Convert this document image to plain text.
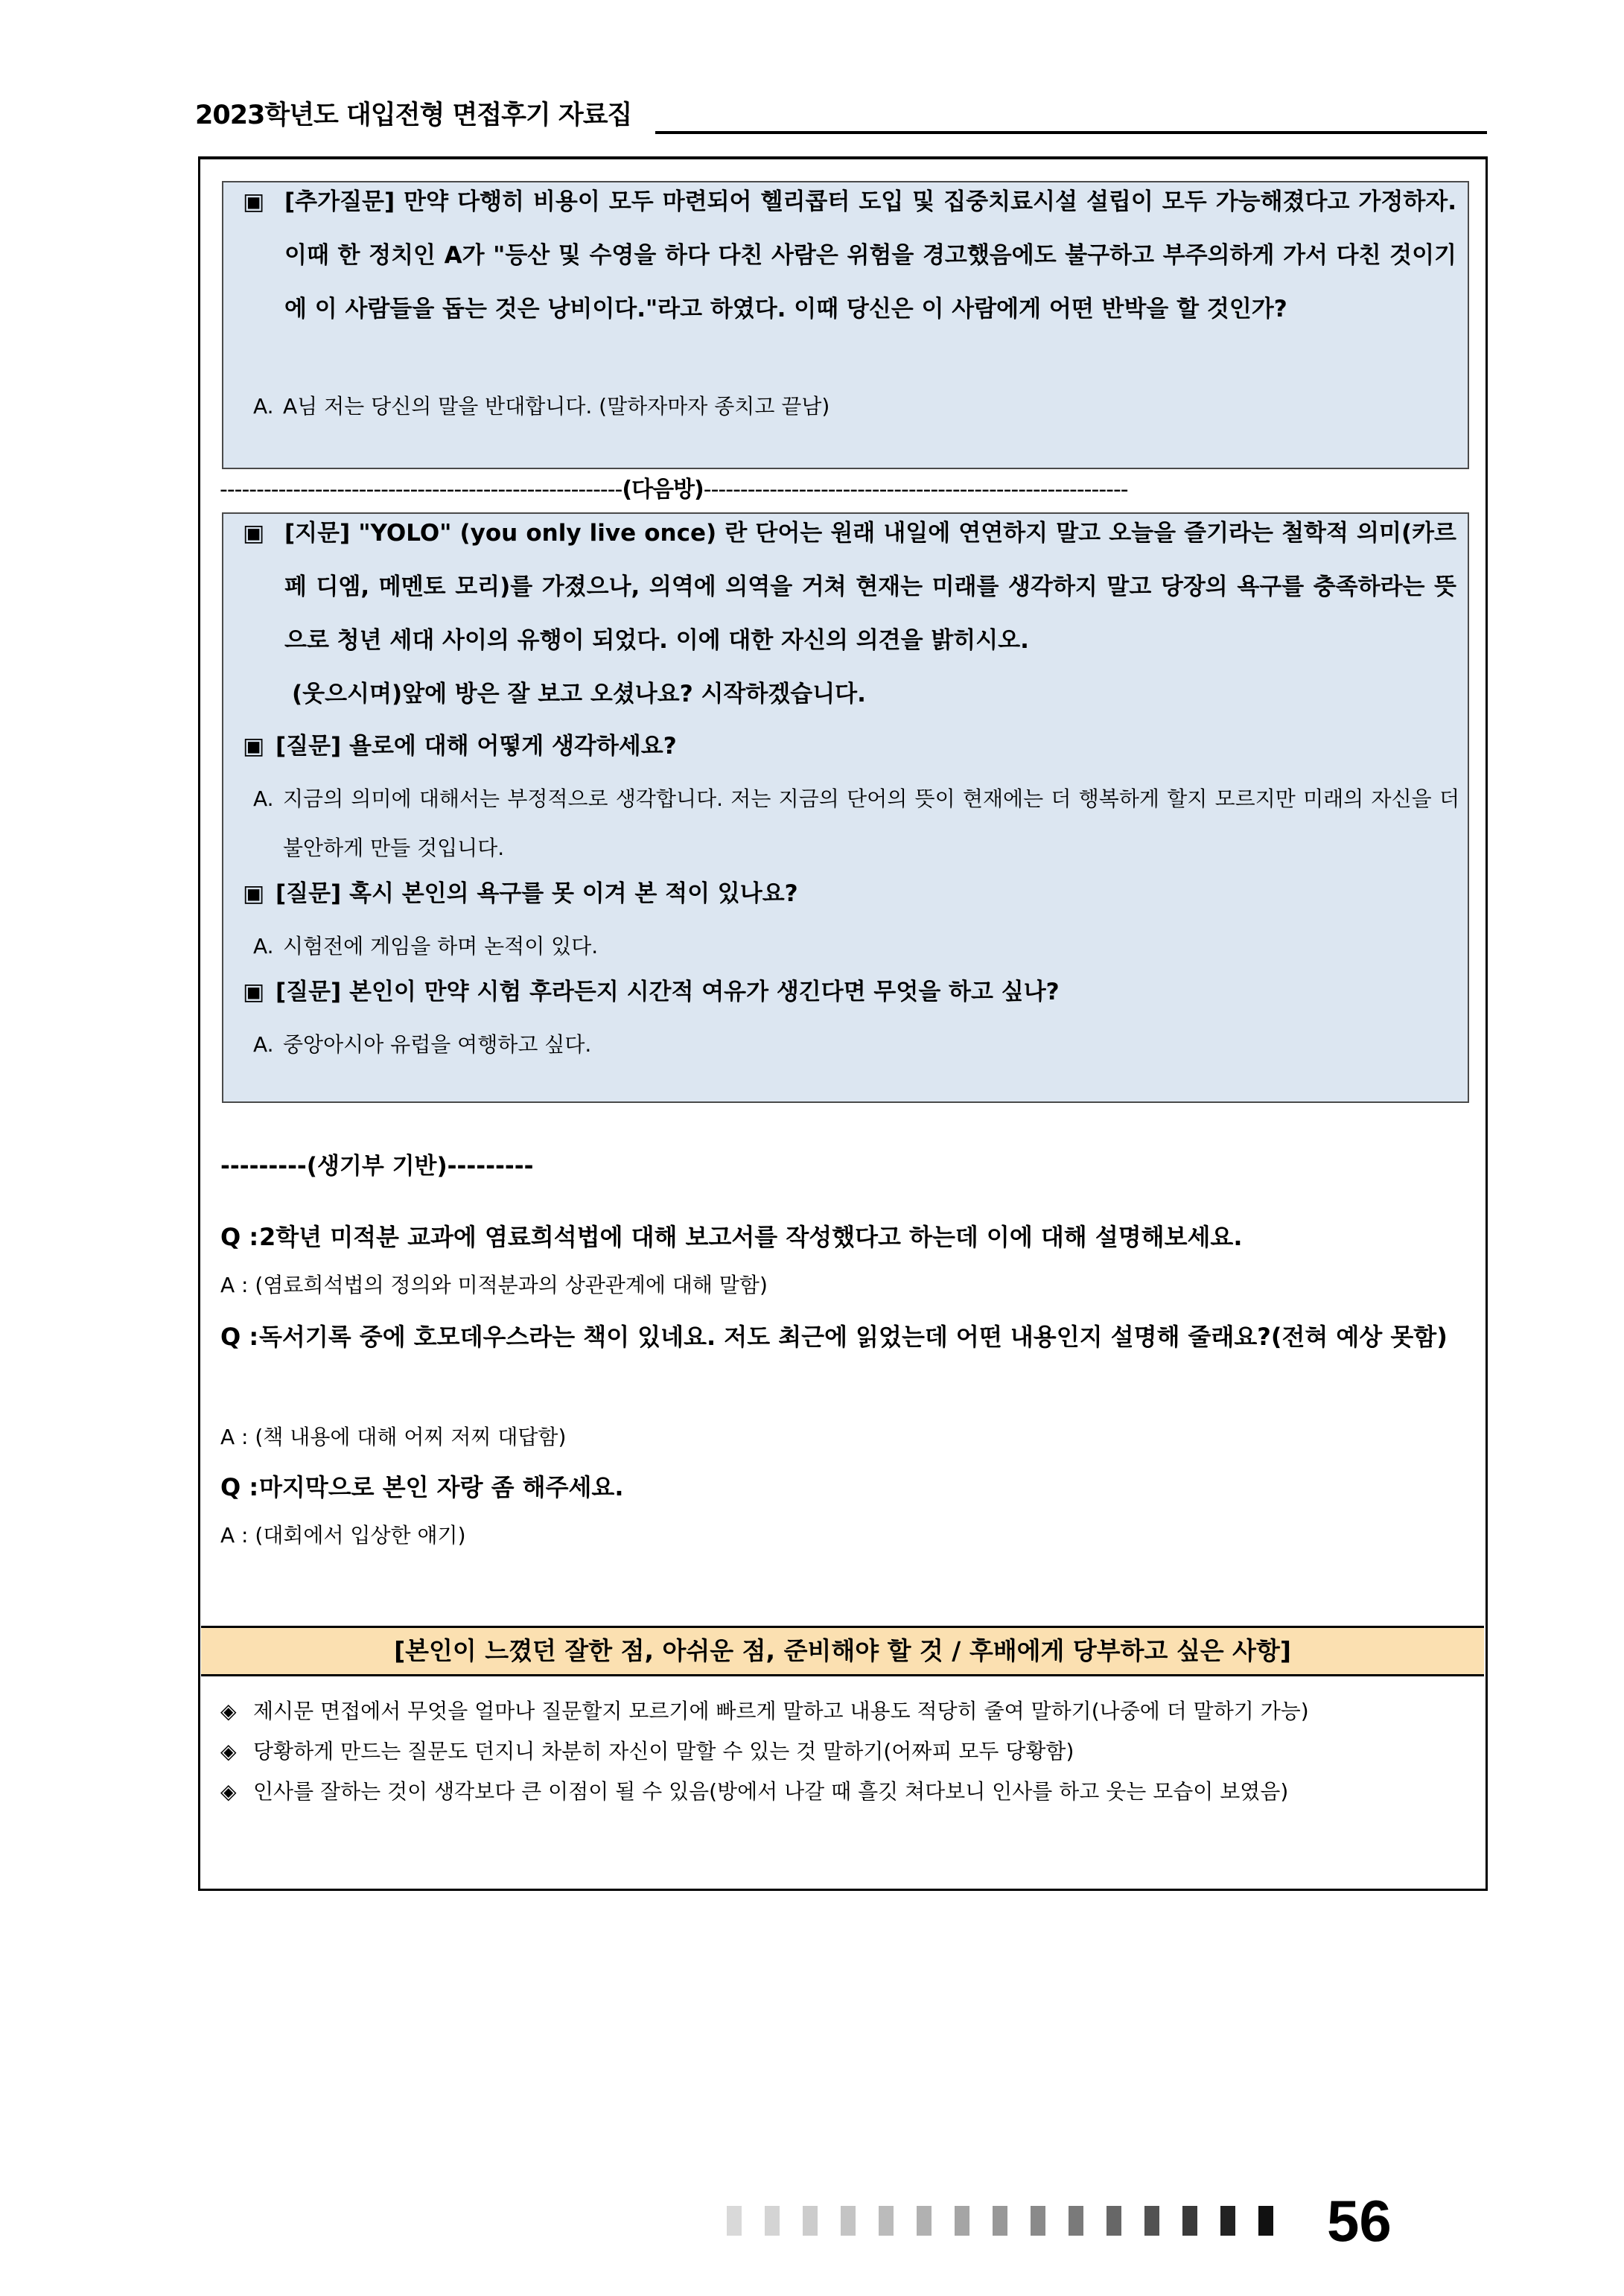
2023학년도 대입전형 면접후기 자료집
▣ [추가질문] 만약 다행히 비용이 모두 마련되어 헬리콥터 도입 및 집중치료시설 설립이 모두 가능해졌다고 가정하자. 이때 한 정치인 A가 "등산 및 수영을 하다 다친 사람은 위험을 경고했음에도 불구하고 부주의하게 가서 다친 것이기에 이 사람들을 돕는 것은 낭비이다."라고 하였다. 이때 당신은 이 사람에게 어떤 반박을 할 것인가?
A. A님 저는 당신의 말을 반대합니다. (말하자마자 종치고 끝남)
-------------------------------------------------------(다음방)----------------------------------------------------------
▣ [지문] "YOLO" (you only live once) 란 단어는 원래 내일에 연연하지 말고 오늘을 즐기라는 철학적 의미(카르페 디엠, 메멘토 모리)를 가졌으나, 의역에 의역을 거쳐 현재는 미래를 생각하지 말고 당장의 욕구를 충족하라는 뜻으로 청년 세대 사이의 유행이 되었다. 이에 대한 자신의 의견을 밝히시오.
(웃으시며)앞에 방은 잘 보고 오셨나요? 시작하겠습니다.
▣ [질문] 욜로에 대해 어떻게 생각하세요?
A. 지금의 의미에 대해서는 부정적으로 생각합니다. 저는 지금의 단어의 뜻이 현재에는 더 행복하게 할지 모르지만 미래의 자신을 더 불안하게 만들 것입니다.
▣ [질문] 혹시 본인의 욕구를 못 이겨 본 적이 있나요?
A. 시험전에 게임을 하며 논적이 있다.
▣ [질문] 본인이 만약 시험 후라든지 시간적 여유가 생긴다면 무엇을 하고 싶나?
A. 중앙아시아 유럽을 여행하고 싶다.
---------(생기부 기반)---------
Q : 2학년 미적분 교과에 염료희석법에 대해 보고서를 작성했다고 하는데 이에 대해 설명해보세요.
A : (염료희석법의 정의와 미적분과의 상관관계에 대해 말함)
Q : 독서기록 중에 호모데우스라는 책이 있네요. 저도 최근에 읽었는데 어떤 내용인지 설명해 줄래요?(전혀 예상 못함)
A : (책 내용에 대해 어찌 저찌 대답함)
Q : 마지막으로 본인 자랑 좀 해주세요.
A : (대회에서 입상한 얘기)
[본인이 느꼈던 잘한 점, 아쉬운 점, 준비해야 할 것 / 후배에게 당부하고 싶은 사항]
◈ 제시문 면접에서 무엇을 얼마나 질문할지 모르기에 빠르게 말하고 내용도 적당히 줄여 말하기(나중에 더 말하기 가능)
◈ 당황하게 만드는 질문도 던지니 차분히 자신이 말할 수 있는 것 말하기(어짜피 모두 당황함)
◈ 인사를 잘하는 것이 생각보다 큰 이점이 될 수 있음(방에서 나갈 때 흘깃 쳐다보니 인사를 하고 웃는 모습이 보였음)
56
